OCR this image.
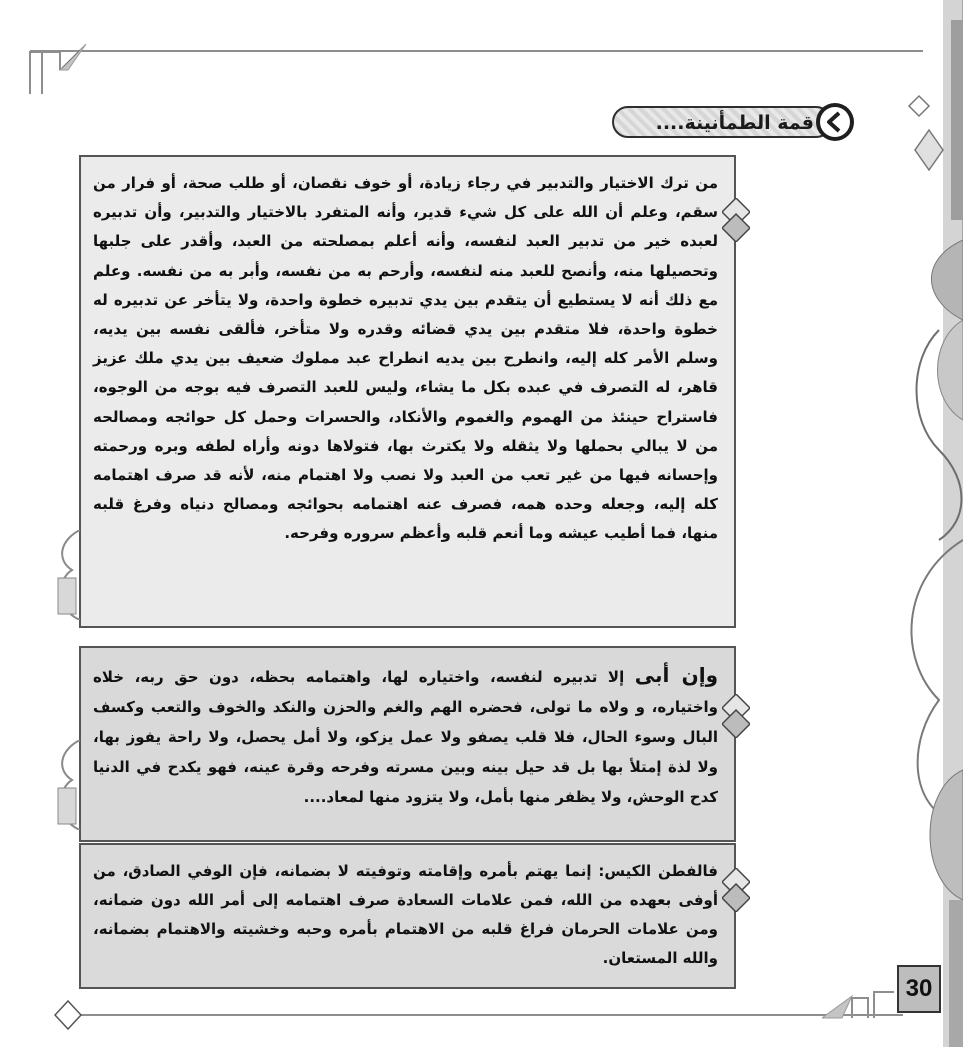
قمة الطمأنينة....

من ترك الاختيار والتدبير في رجاء زيادة، أو خوف نقصان، أو طلب صحة، أو فرار من سقم، وعلم أن الله على كل شيء قدير، وأنه المتفرد بالاختيار والتدبير، وأن تدبيره لعبده خير من تدبير العبد لنفسه، وأنه أعلم بمصلحته من العبد، وأقدر على جلبها وتحصيلها منه، وأنصح للعبد منه لنفسه، وأرحم به من نفسه، وأبر به من نفسه. وعلم مع ذلك أنه لا يستطيع أن يتقدم بين يدي تدبيره خطوة واحدة، ولا يتأخر عن تدبيره له خطوة واحدة، فلا متقدم بين يدي قضائه وقدره ولا متأخر، فألقى نفسه بين يديه، وسلم الأمر كله إليه، وانطرح بين يديه انطراح عبد مملوك ضعيف بين يدي ملك عزيز قاهر، له التصرف في عبده بكل ما يشاء، وليس للعبد التصرف فيه بوجه من الوجوه، فاستراح حينئذ من الهموم والغموم والأنكاد، والحسرات وحمل كل حوائجه ومصالحه من لا يبالي بحملها ولا يثقله ولا يكترث بها، فتولاها دونه وأراه لطفه وبره ورحمته وإحسانه فيها من غير تعب من العبد ولا نصب ولا اهتمام منه، لأنه قد صرف اهتمامه كله إليه، وجعله وحده همه، فصرف عنه اهتمامه بحوائجه ومصالح دنياه وفرغ قلبه منها، فما أطيب عيشه وما أنعم قلبه وأعظم سروره وفرحه.

وإن أبى إلا تدبيره لنفسه، واختياره لها، واهتمامه بحظه، دون حق ربه، خلاه واختياره، و ولاه ما تولى، فحضره الهم والغم والحزن والنكد والخوف والتعب وكسف البال وسوء الحال، فلا قلب يصفو ولا عمل يزكو، ولا أمل يحصل، ولا راحة يفوز بها، ولا لذة إمتلأ بها بل قد حيل بينه وبين مسرته وفرحه وقرة عينه، فهو يكدح في الدنيا كدح الوحش، ولا يظفر منها بأمل، ولا يتزود منها لمعاد....

فالفطن الكيس: إنما يهتم بأمره وإقامته وتوفيته لا بضمانه، فإن الوفي الصادق، من أوفى بعهده من الله، فمن علامات السعادة صرف اهتمامه إلى أمر الله دون ضمانه، ومن علامات الحرمان فراغ قلبه من الاهتمام بأمره وحبه وخشيته والاهتمام بضمانه، والله المستعان.

30
